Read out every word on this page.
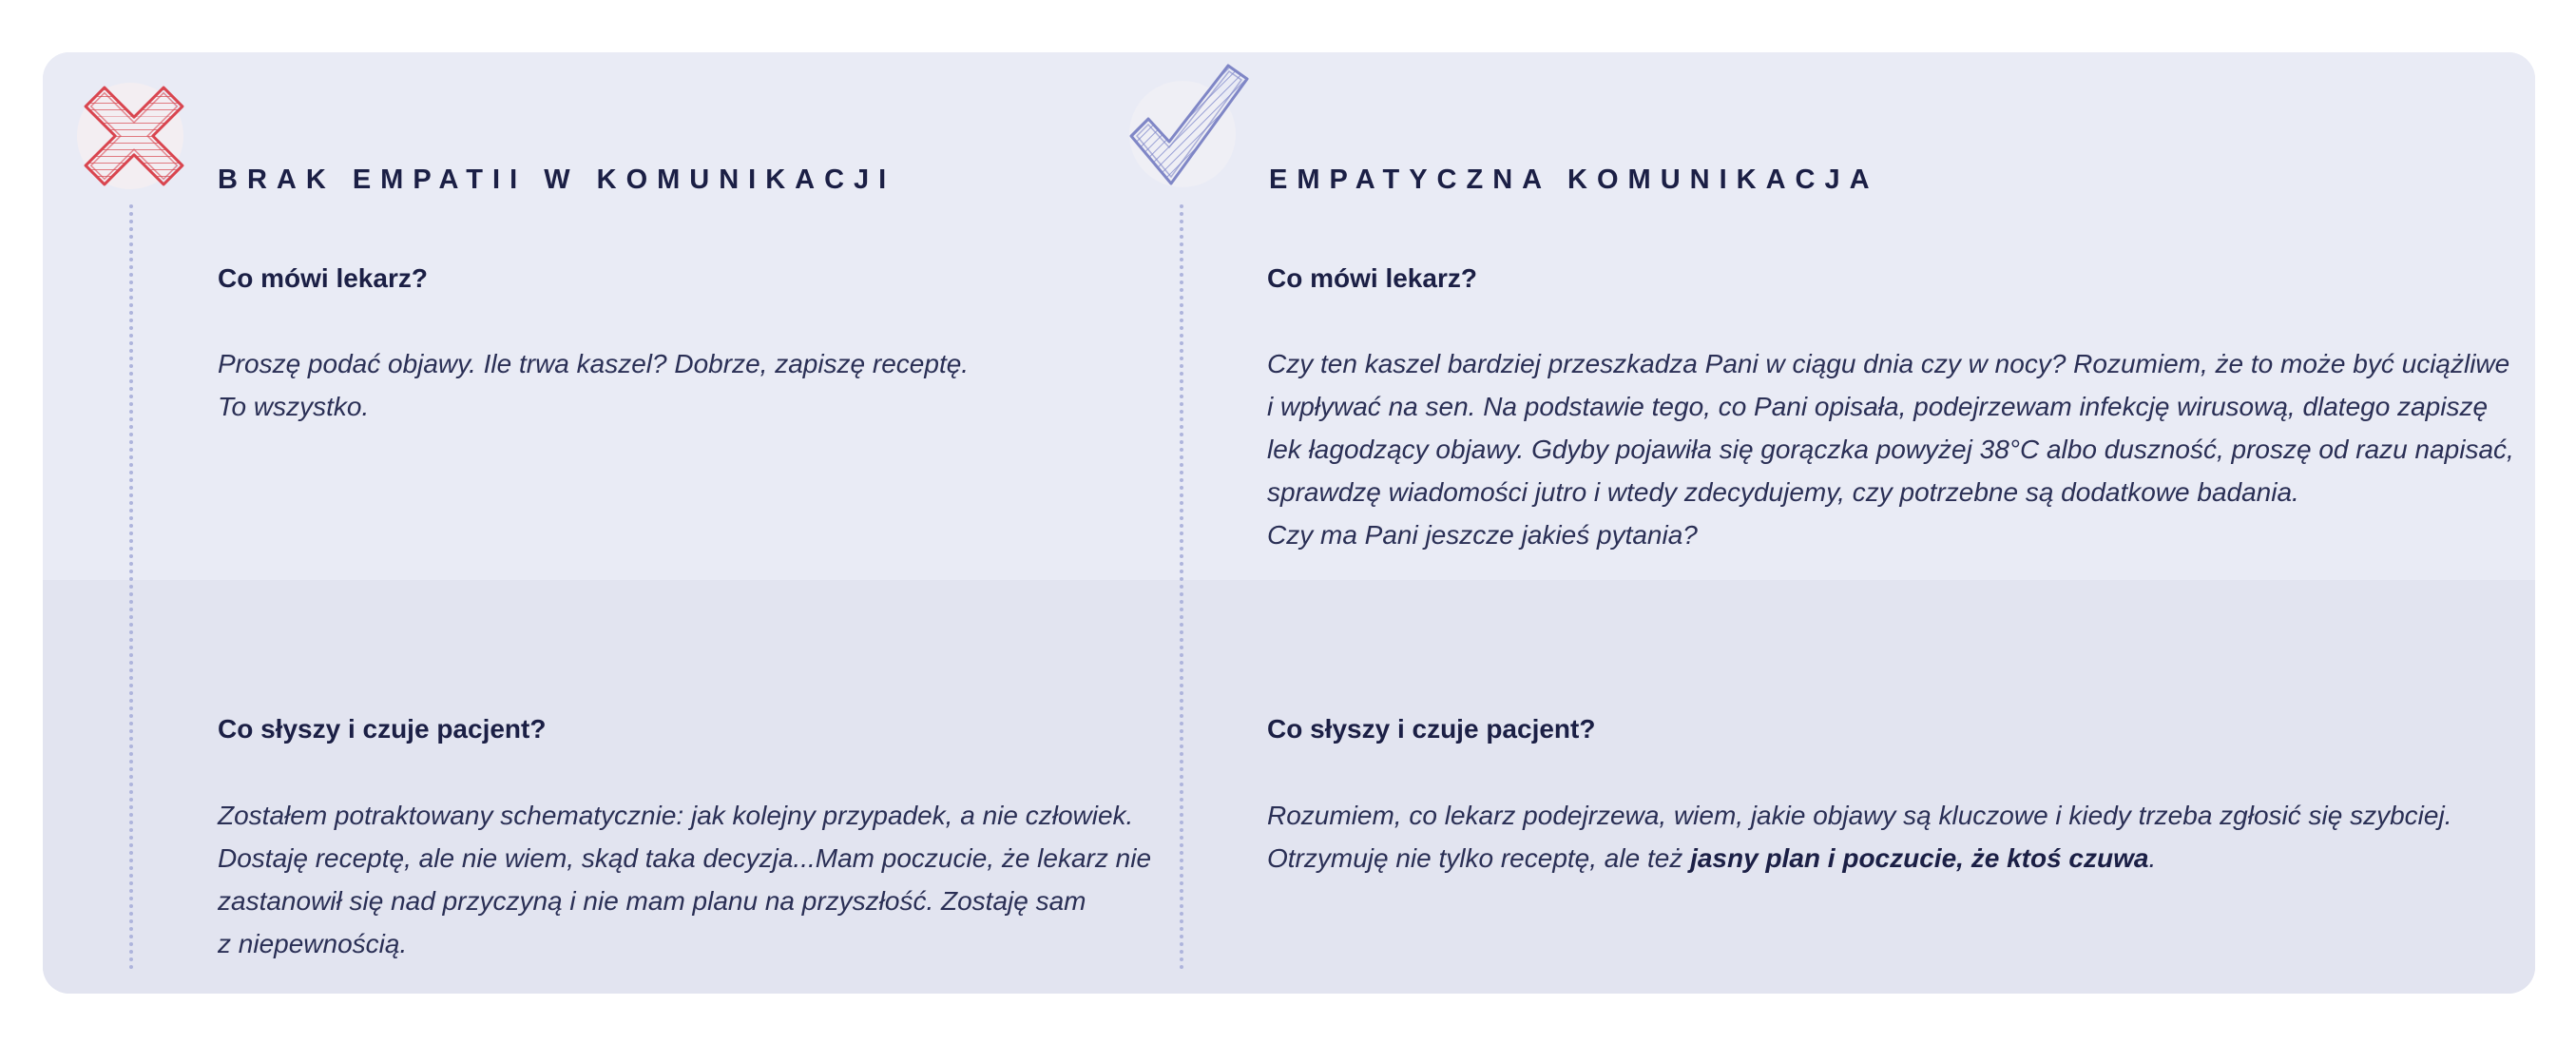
BRAK EMPATII W KOMUNIKACJI

Co mówi lekarz?

Proszę podać objawy. Ile trwa kaszel? Dobrze, zapiszę receptę.
To wszystko.

Co słyszy i czuje pacjent?

Zostałem potraktowany schematycznie: jak kolejny przypadek, a nie człowiek.
Dostaję receptę, ale nie wiem, skąd taka decyzja...Mam poczucie, że lekarz nie
zastanowił się nad przyczyną i nie mam planu na przyszłość. Zostaję sam
z niepewnością.

EMPATYCZNA KOMUNIKACJA

Co mówi lekarz?

Czy ten kaszel bardziej przeszkadza Pani w ciągu dnia czy w nocy? Rozumiem, że to może być uciążliwe
i wpływać na sen. Na podstawie tego, co Pani opisała, podejrzewam infekcję wirusową, dlatego zapiszę
lek łagodzący objawy. Gdyby pojawiła się gorączka powyżej 38°C albo duszność, proszę od razu napisać,
sprawdzę wiadomości jutro i wtedy zdecydujemy, czy potrzebne są dodatkowe badania.
Czy ma Pani jeszcze jakieś pytania?

Co słyszy i czuje pacjent?

Rozumiem, co lekarz podejrzewa, wiem, jakie objawy są kluczowe i kiedy trzeba zgłosić się szybciej.
Otrzymuję nie tylko receptę, ale też jasny plan i poczucie, że ktoś czuwa.
